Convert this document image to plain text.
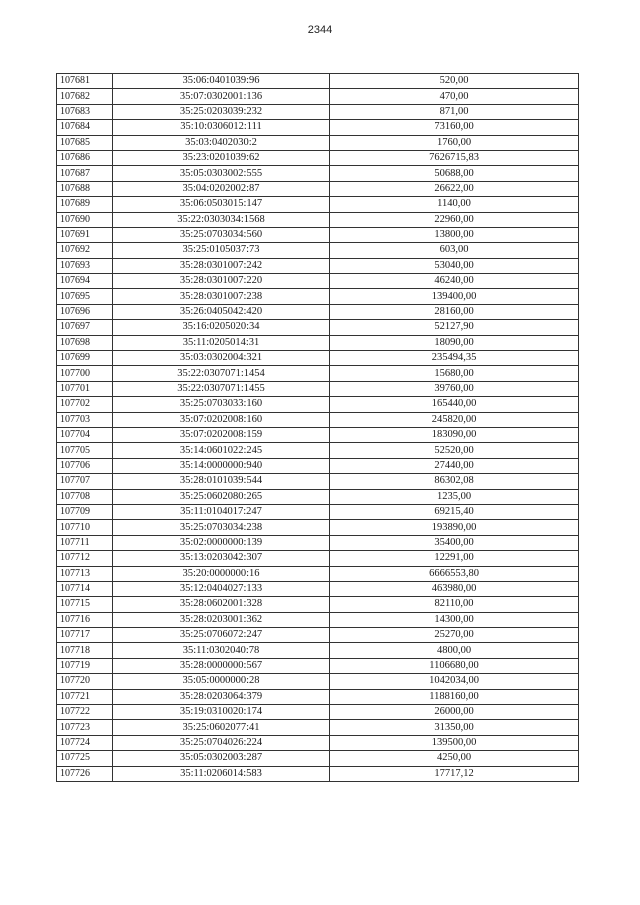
2344
107681	35:06:0401039:96	520,00
107682	35:07:0302001:136	470,00
107683	35:25:0203039:232	871,00
107684	35:10:0306012:111	73160,00
107685	35:03:0402030:2	1760,00
107686	35:23:0201039:62	7626715,83
107687	35:05:0303002:555	50688,00
107688	35:04:0202002:87	26622,00
107689	35:06:0503015:147	1140,00
107690	35:22:0303034:1568	22960,00
107691	35:25:0703034:560	13800,00
107692	35:25:0105037:73	603,00
107693	35:28:0301007:242	53040,00
107694	35:28:0301007:220	46240,00
107695	35:28:0301007:238	139400,00
107696	35:26:0405042:420	28160,00
107697	35:16:0205020:34	52127,90
107698	35:11:0205014:31	18090,00
107699	35:03:0302004:321	235494,35
107700	35:22:0307071:1454	15680,00
107701	35:22:0307071:1455	39760,00
107702	35:25:0703033:160	165440,00
107703	35:07:0202008:160	245820,00
107704	35:07:0202008:159	183090,00
107705	35:14:0601022:245	52520,00
107706	35:14:0000000:940	27440,00
107707	35:28:0101039:544	86302,08
107708	35:25:0602080:265	1235,00
107709	35:11:0104017:247	69215,40
107710	35:25:0703034:238	193890,00
107711	35:02:0000000:139	35400,00
107712	35:13:0203042:307	12291,00
107713	35:20:0000000:16	6666553,80
107714	35:12:0404027:133	463980,00
107715	35:28:0602001:328	82110,00
107716	35:28:0203001:362	14300,00
107717	35:25:0706072:247	25270,00
107718	35:11:0302040:78	4800,00
107719	35:28:0000000:567	1106680,00
107720	35:05:0000000:28	1042034,00
107721	35:28:0203064:379	1188160,00
107722	35:19:0310020:174	26000,00
107723	35:25:0602077:41	31350,00
107724	35:25:0704026:224	139500,00
107725	35:05:0302003:287	4250,00
107726	35:11:0206014:583	17717,12
